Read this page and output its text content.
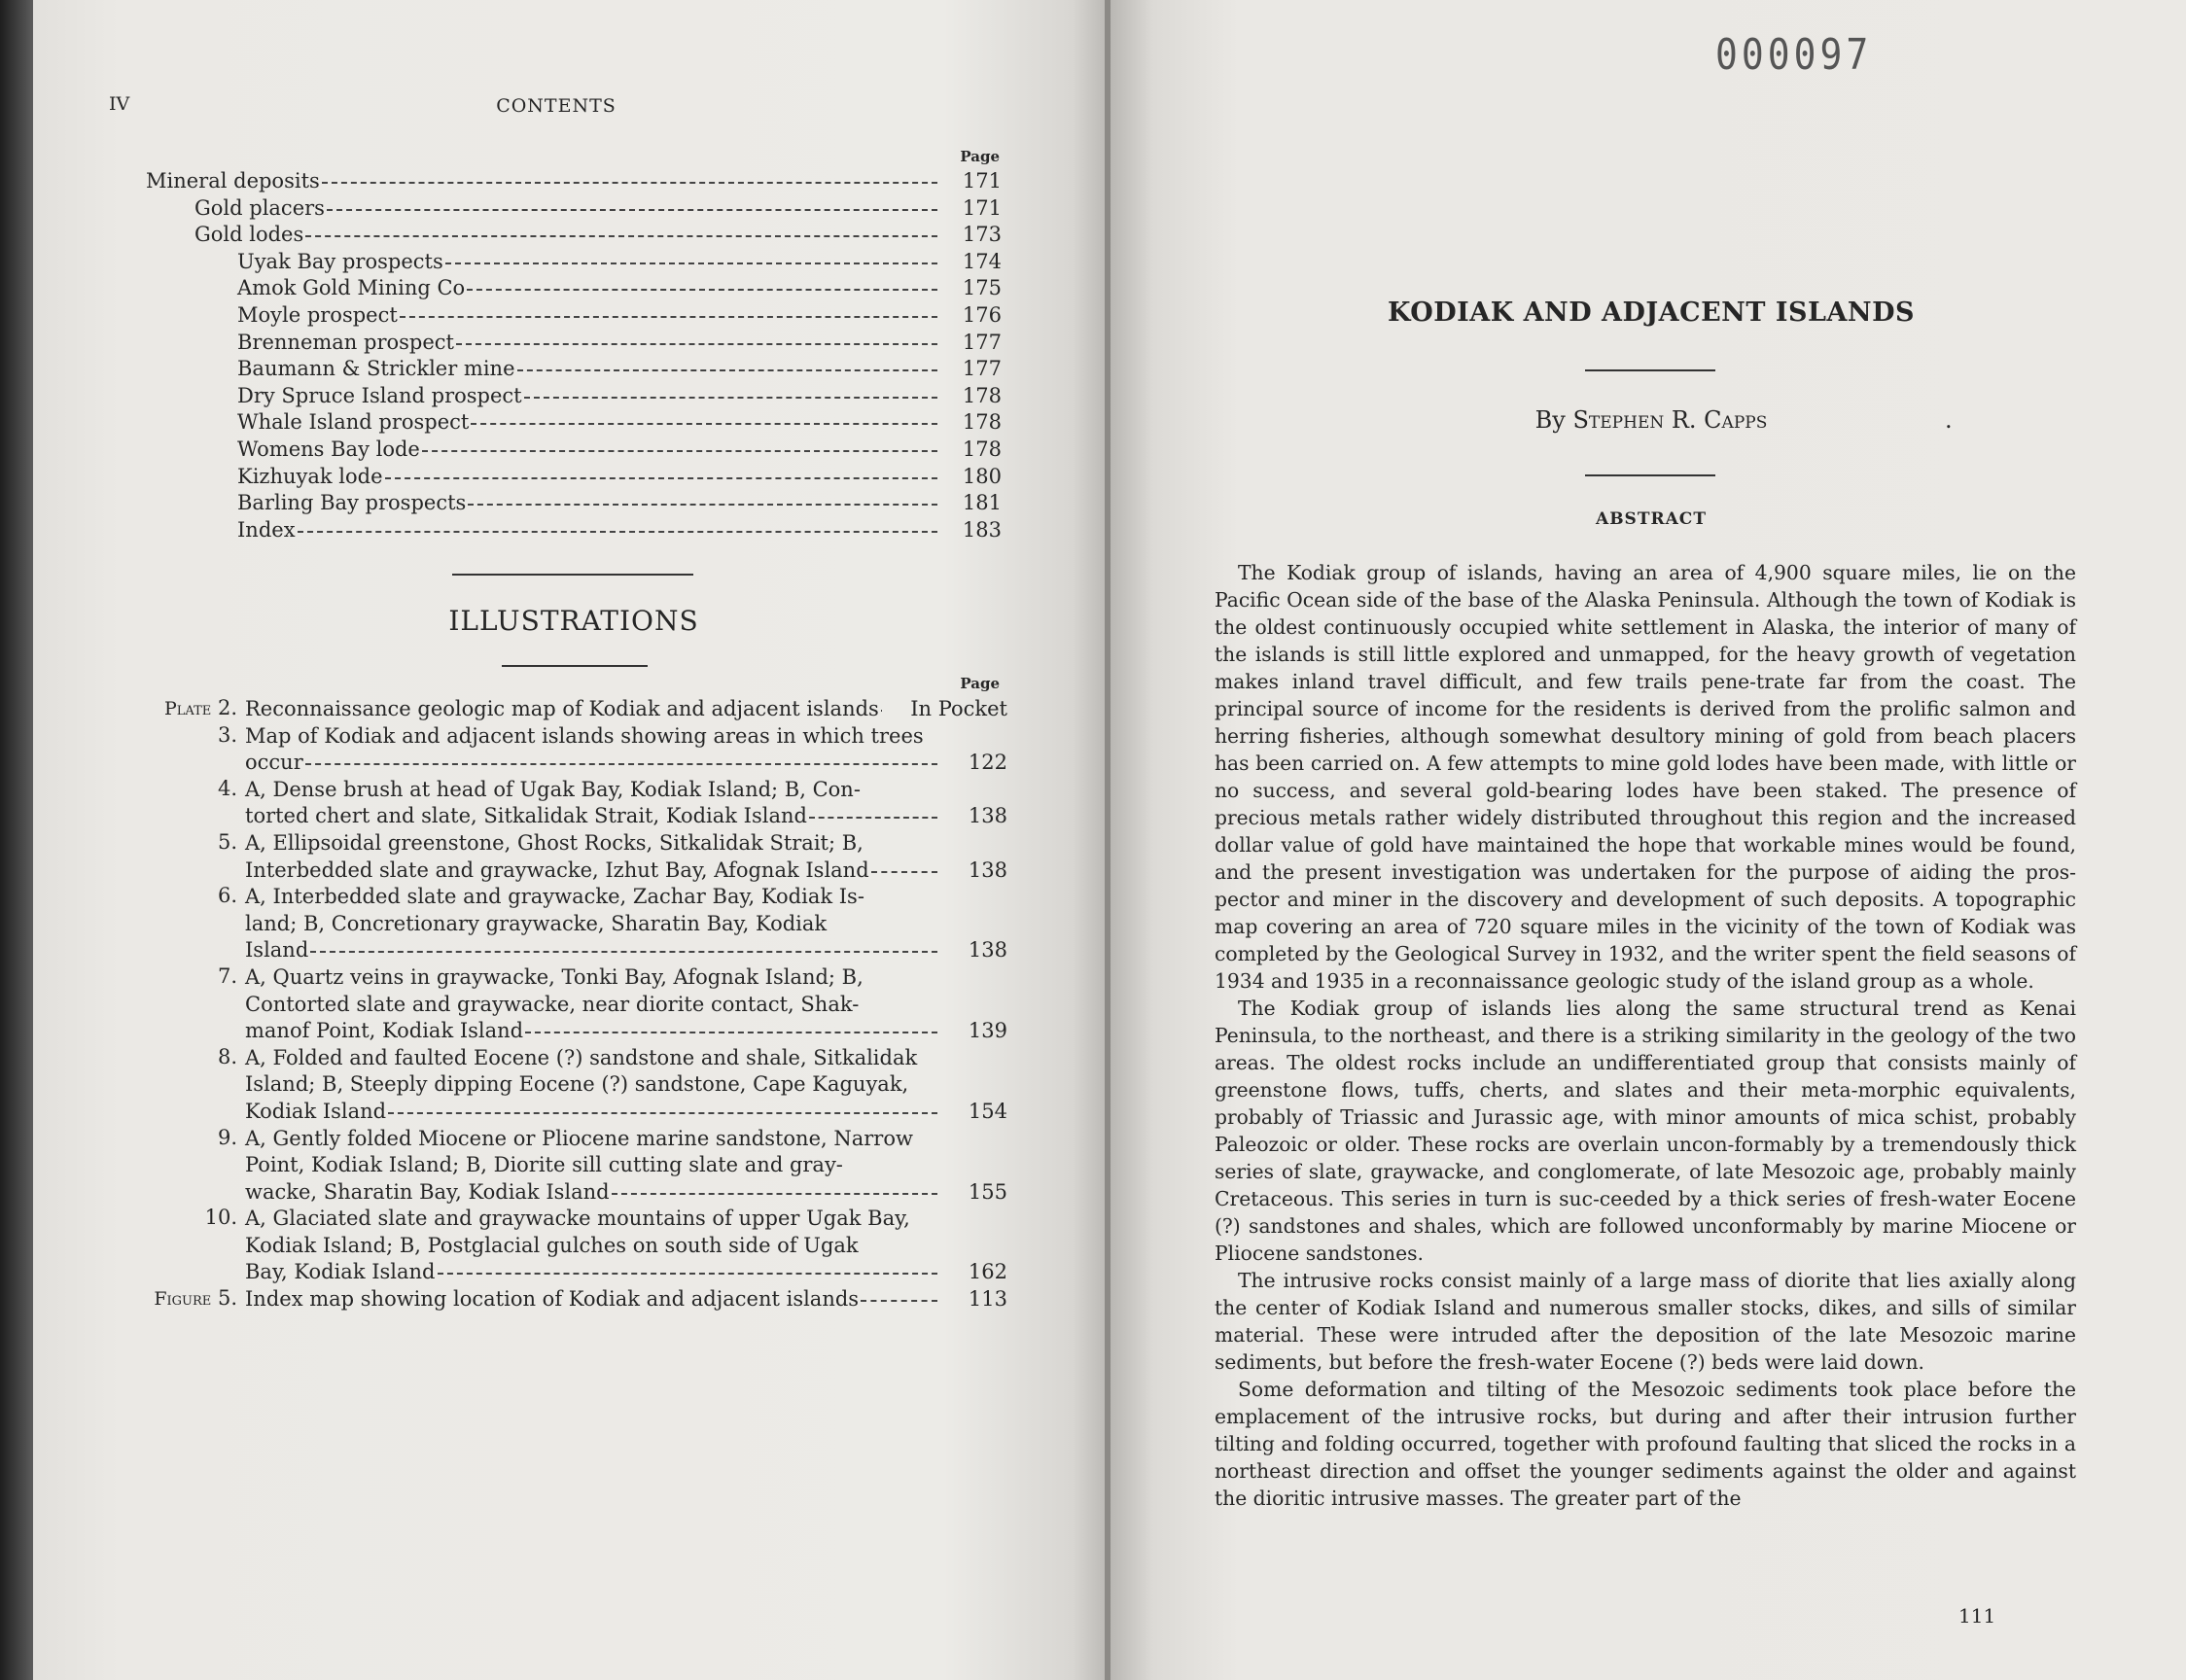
IV	CONTENTS
Page
Mineral deposits	171
Gold placers	171
Gold lodes	173
Uyak Bay prospects	174
Amok Gold Mining Co	175
Moyle prospect	176
Brenneman prospect	177
Baumann & Strickler mine	177
Dry Spruce Island prospect	178
Whale Island prospect	178
Womens Bay lode	178
Kizhuyak lode	180
Barling Bay prospects	181
Index	183
ILLUSTRATIONS
Page
Plate 2. Reconnaissance geologic map of Kodiak and adjacent islands	In Pocket
3. Map of Kodiak and adjacent islands showing areas in which trees
occur	122
4. A, Dense brush at head of Ugak Bay, Kodiak Island; B, Con-
torted chert and slate, Sitkalidak Strait, Kodiak Island	138
5. A, Ellipsoidal greenstone, Ghost Rocks, Sitkalidak Strait; B,
Interbedded slate and graywacke, Izhut Bay, Afognak Island	138
6. A, Interbedded slate and graywacke, Zachar Bay, Kodiak Is-
land; B, Concretionary graywacke, Sharatin Bay, Kodiak
Island	138
7. A, Quartz veins in graywacke, Tonki Bay, Afognak Island; B,
Contorted slate and graywacke, near diorite contact, Shak-
manof Point, Kodiak Island	139
8. A, Folded and faulted Eocene (?) sandstone and shale, Sitkalidak
Island; B, Steeply dipping Eocene (?) sandstone, Cape Kaguyak,
Kodiak Island	154
9. A, Gently folded Miocene or Pliocene marine sandstone, Narrow
Point, Kodiak Island; B, Diorite sill cutting slate and gray-
wacke, Sharatin Bay, Kodiak Island	155
10. A, Glaciated slate and graywacke mountains of upper Ugak Bay,
Kodiak Island; B, Postglacial gulches on south side of Ugak
Bay, Kodiak Island	162
Figure 5. Index map showing location of Kodiak and adjacent islands	113
000097
KODIAK AND ADJACENT ISLANDS
By Stephen R. Capps	.
ABSTRACT

The Kodiak group of islands, having an area of 4,900 square miles, lie on the Pacific Ocean side of the base of the Alaska Peninsula. Although the town of Kodiak is the oldest continuously occupied white settlement in Alaska, the interior of many of the islands is still little explored and unmapped, for the heavy growth of vegetation makes inland travel difficult, and few trails pene-trate far from the coast. The principal source of income for the residents is derived from the prolific salmon and herring fisheries, although somewhat desultory mining of gold from beach placers has been carried on. A few attempts to mine gold lodes have been made, with little or no success, and several gold-bearing lodes have been staked. The presence of precious metals rather widely distributed throughout this region and the increased dollar value of gold have maintained the hope that workable mines would be found, and the present investigation was undertaken for the purpose of aiding the pros-pector and miner in the discovery and development of such deposits. A topographic map covering an area of 720 square miles in the vicinity of the town of Kodiak was completed by the Geological Survey in 1932, and the writer spent the field seasons of 1934 and 1935 in a reconnaissance geologic study of the island group as a whole.

The Kodiak group of islands lies along the same structural trend as Kenai Peninsula, to the northeast, and there is a striking similarity in the geology of the two areas. The oldest rocks include an undifferentiated group that consists mainly of greenstone flows, tuffs, cherts, and slates and their meta-morphic equivalents, probably of Triassic and Jurassic age, with minor amounts of mica schist, probably Paleozoic or older. These rocks are overlain uncon-formably by a tremendously thick series of slate, graywacke, and conglomerate, of late Mesozoic age, probably mainly Cretaceous. This series in turn is suc-ceeded by a thick series of fresh-water Eocene (?) sandstones and shales, which are followed unconformably by marine Miocene or Pliocene sandstones.

The intrusive rocks consist mainly of a large mass of diorite that lies axially along the center of Kodiak Island and numerous smaller stocks, dikes, and sills of similar material. These were intruded after the deposition of the late Mesozoic marine sediments, but before the fresh-water Eocene (?) beds were laid down.

Some deformation and tilting of the Mesozoic sediments took place before the emplacement of the intrusive rocks, but during and after their intrusion further tilting and folding occurred, together with profound faulting that sliced the rocks in a northeast direction and offset the younger sediments against the older and against the dioritic intrusive masses. The greater part of the

111
